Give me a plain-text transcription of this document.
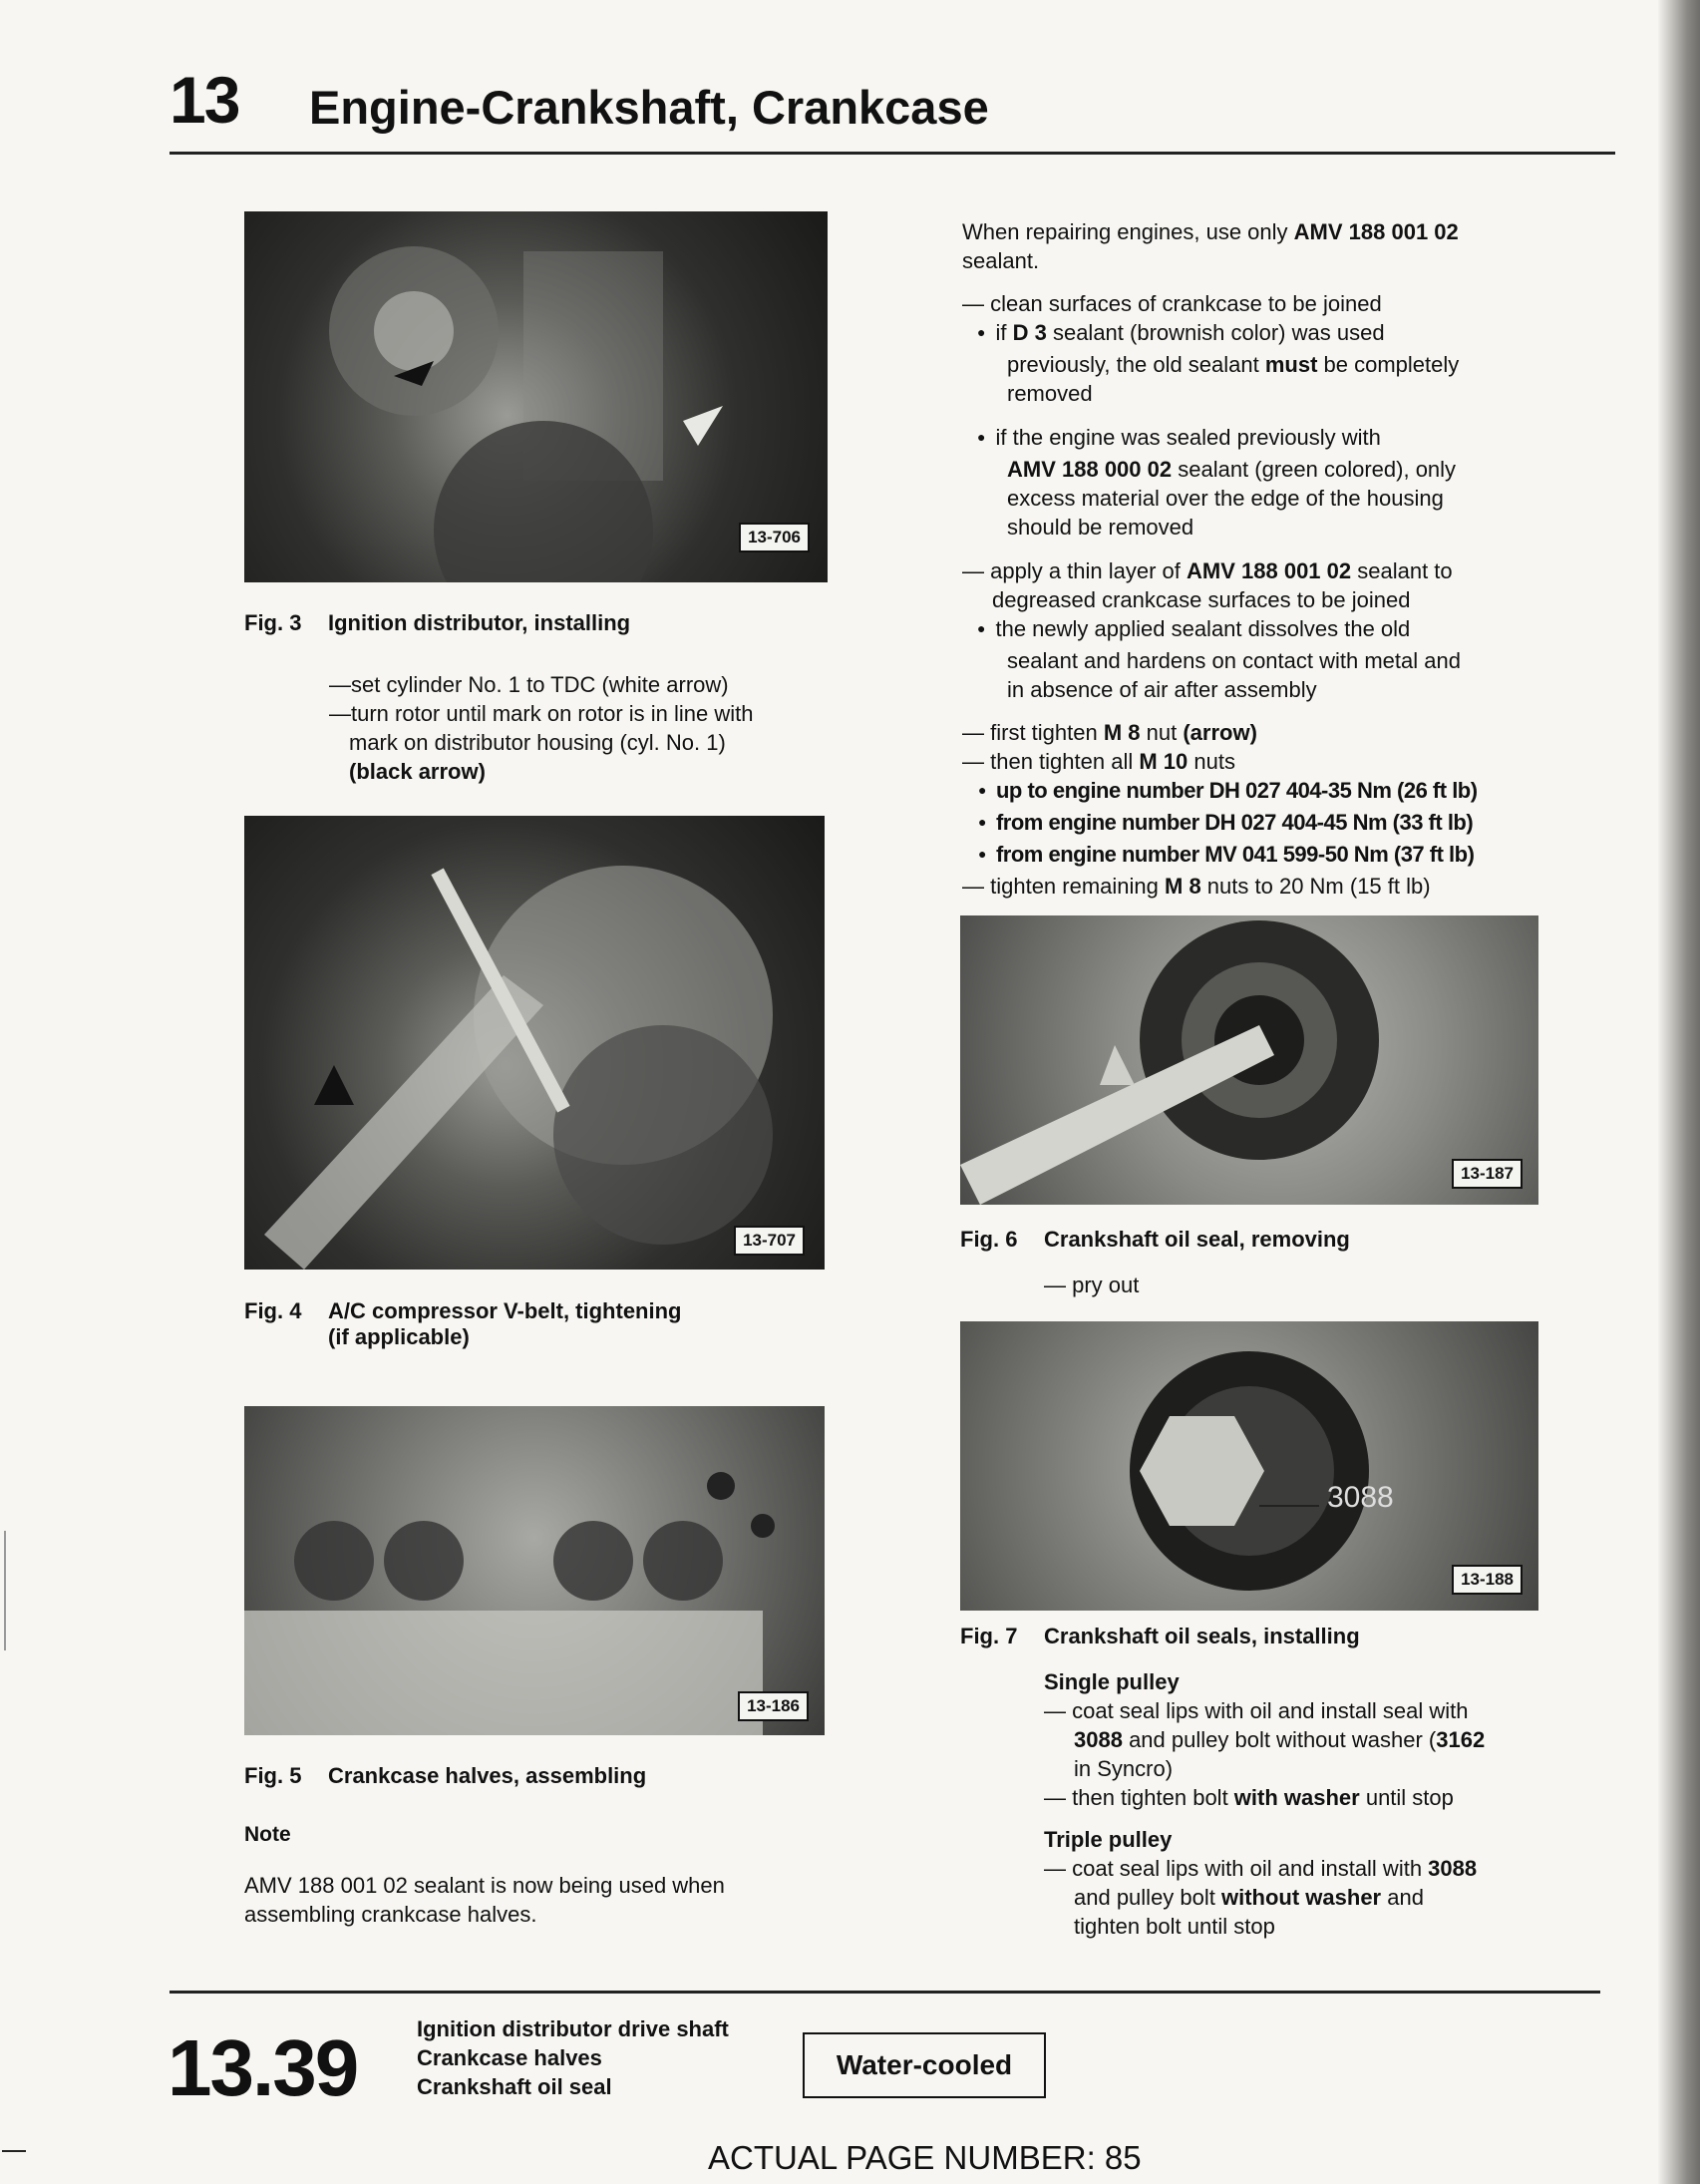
13 Engine-Crankshaft, Crankcase
13-706
Fig. 3 Ignition distributor, installing
—set cylinder No. 1 to TDC (white arrow)
—turn rotor until mark on rotor is in line with
mark on distributor housing (cyl. No. 1)
(black arrow)
13-707
Fig. 4 A/C compressor V-belt, tightening
(if applicable)
13-186
Fig. 5 Crankcase halves, assembling
Note
AMV 188 001 02 sealant is now being used when
assembling crankcase halves.
When repairing engines, use only AMV 188 001 02
sealant.
— clean surfaces of crankcase to be joined
● if D 3 sealant (brownish color) was used
previously, the old sealant must be completely
removed
● if the engine was sealed previously with
AMV 188 000 02 sealant (green colored), only
excess material over the edge of the housing
should be removed
— apply a thin layer of AMV 188 001 02 sealant to
degreased crankcase surfaces to be joined
● the newly applied sealant dissolves the old
sealant and hardens on contact with metal and
in absence of air after assembly
— first tighten M 8 nut (arrow)
— then tighten all M 10 nuts
● up to engine number DH 027 404-35 Nm (26 ft lb)
● from engine number DH 027 404-45 Nm (33 ft lb)
● from engine number MV 041 599-50 Nm (37 ft lb)
— tighten remaining M 8 nuts to 20 Nm (15 ft lb)
13-187
Fig. 6 Crankshaft oil seal, removing
— pry out
3088
13-188
Fig. 7 Crankshaft oil seals, installing
Single pulley
— coat seal lips with oil and install seal with
3088 and pulley bolt without washer (3162
in Syncro)
— then tighten bolt with washer until stop
Triple pulley
— coat seal lips with oil and install with 3088
and pulley bolt without washer and
tighten bolt until stop
13.39	Ignition distributor drive shaft
Crankcase halves
Crankshaft oil seal
Water-cooled
ACTUAL PAGE NUMBER: 85
